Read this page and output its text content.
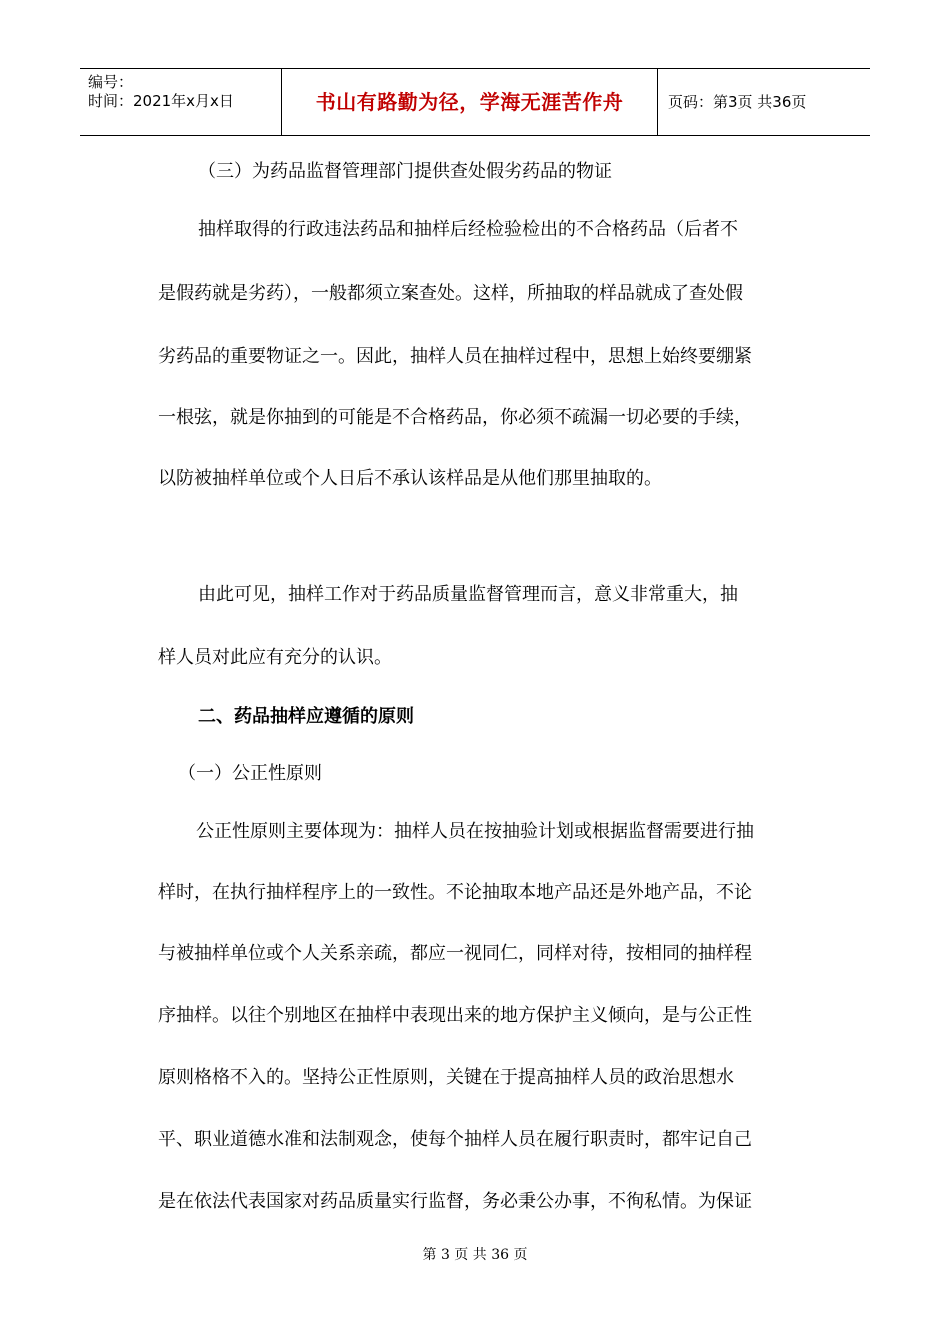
编号：
时间：2021年x月x日	书山有路勤为径，学海无涯苦作舟	页码：第3页 共36页
（三）为药品监督管理部门提供查处假劣药品的物证
抽样取得的行政违法药品和抽样后经检验检出的不合格药品（后者不
是假药就是劣药），一般都须立案查处。这样，所抽取的样品就成了查处假
劣药品的重要物证之一。因此，抽样人员在抽样过程中，思想上始终要绷紧
一根弦，就是你抽到的可能是不合格药品，你必须不疏漏一切必要的手续，
以防被抽样单位或个人日后不承认该样品是从他们那里抽取的。
由此可见，抽样工作对于药品质量监督管理而言，意义非常重大，抽
样人员对此应有充分的认识。
二、药品抽样应遵循的原则
（一）公正性原则
公正性原则主要体现为：抽样人员在按抽验计划或根据监督需要进行抽
样时，在执行抽样程序上的一致性。不论抽取本地产品还是外地产品，不论
与被抽样单位或个人关系亲疏，都应一视同仁，同样对待，按相同的抽样程
序抽样。以往个别地区在抽样中表现出来的地方保护主义倾向，是与公正性
原则格格不入的。坚持公正性原则，关键在于提高抽样人员的政治思想水
平、职业道德水准和法制观念，使每个抽样人员在履行职责时，都牢记自己
是在依法代表国家对药品质量实行监督，务必秉公办事，不徇私情。为保证
第 3 页 共 36 页
